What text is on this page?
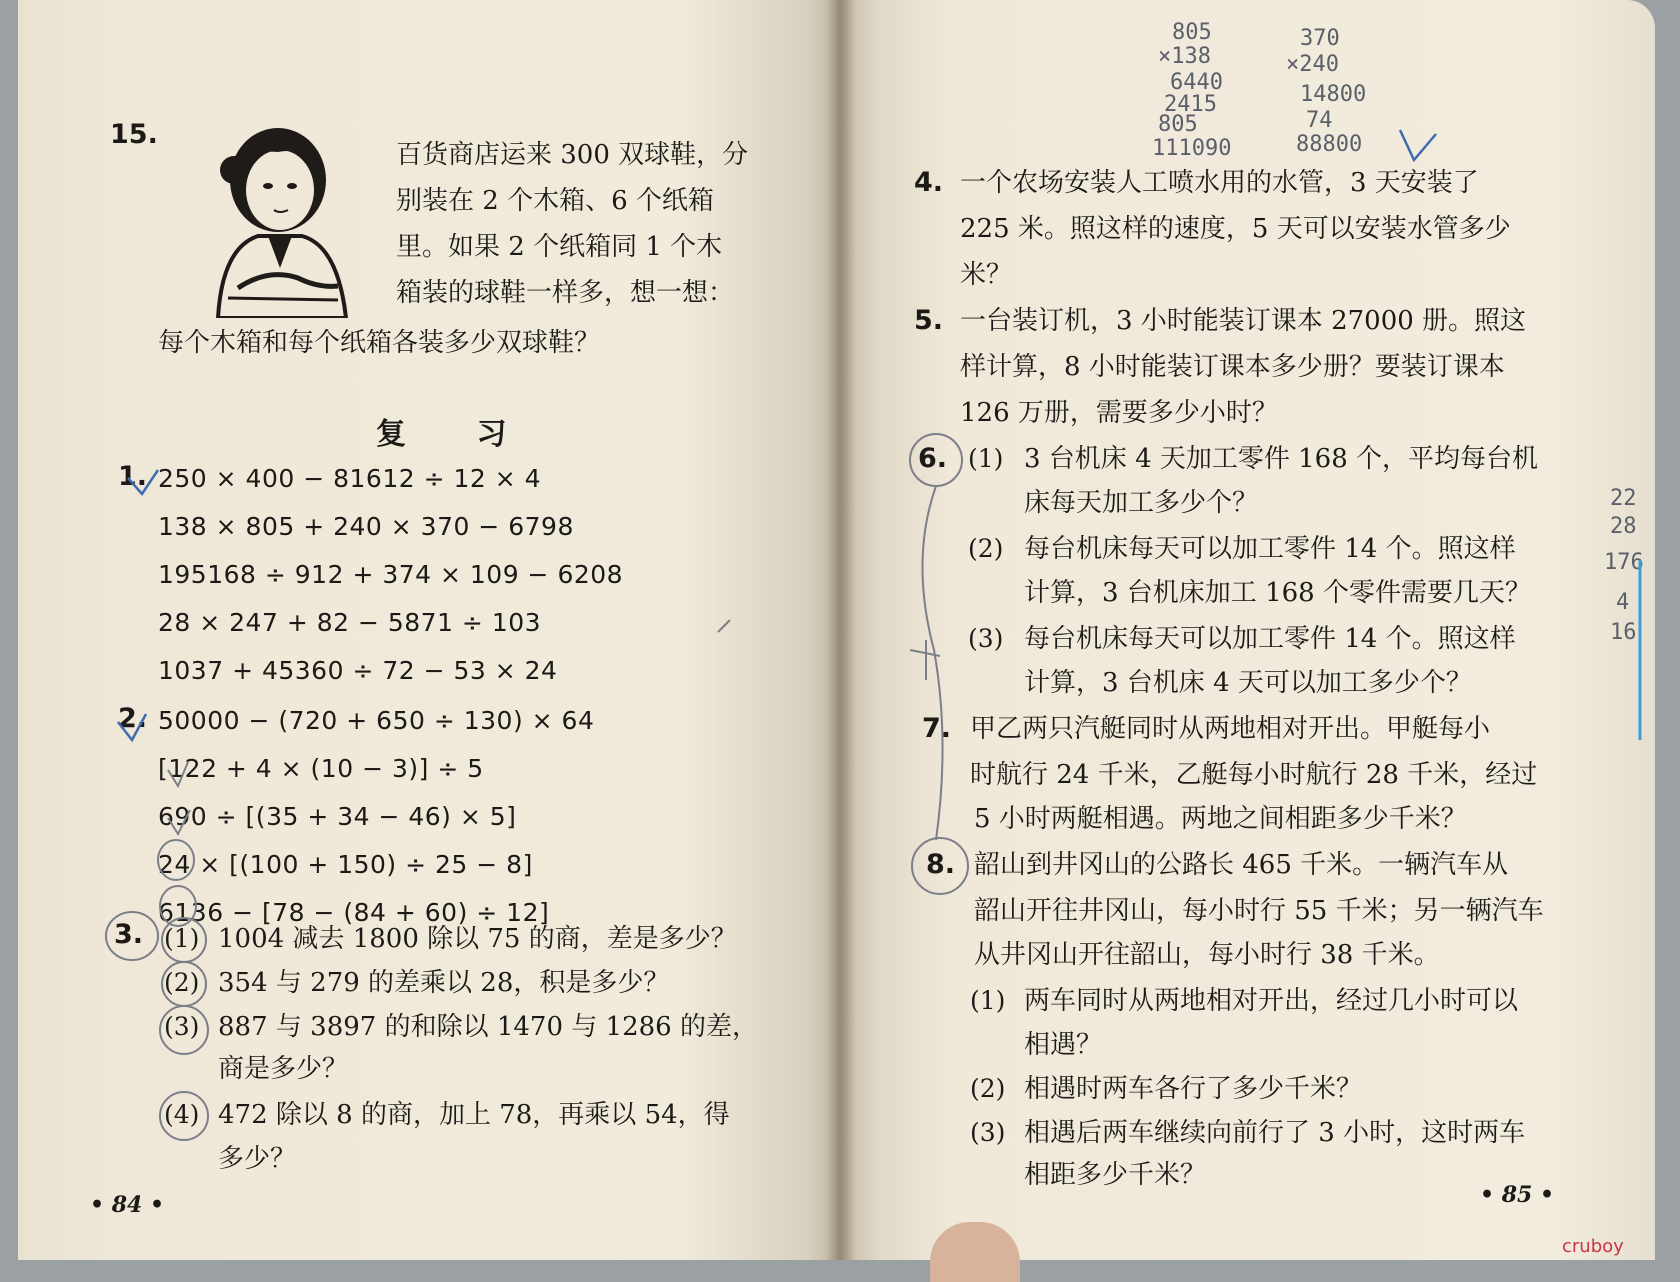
15.
百货商店运来 300 双球鞋，分
别装在 2 个木箱、6 个纸箱
里。如果 2 个纸箱同 1 个木
箱装的球鞋一样多，想一想：
每个木箱和每个纸箱各装多少双球鞋？
复 习
1. 250 × 400 − 81612 ÷ 12 × 4
138 × 805 + 240 × 370 − 6798
195168 ÷ 912 + 374 × 109 − 6208
28 × 247 + 82 − 5871 ÷ 103
1037 + 45360 ÷ 72 − 53 × 24
2. 50000 − (720 + 650 ÷ 130) × 64
[122 + 4 × (10 − 3)] ÷ 5
690 ÷ [(35 + 34 − 46) × 5]
24 × [(100 + 150) ÷ 25 − 8]
6136 − [78 − (84 + 60) ÷ 12]
3. (1) 1004 减去 1800 除以 75 的商，差是多少？
(2) 354 与 279 的差乘以 28，积是多少？
(3) 887 与 3897 的和除以 1470 与 1286 的差，
商是多少？
(4) 472 除以 8 的商，加上 78，再乘以 54，得
多少？
• 84 •
805
×138
6440
2415
805
111090
370
×240
14800
74
88800
22
28
176
4
16
4. 一个农场安装人工喷水用的水管，3 天安装了
225 米。照这样的速度，5 天可以安装水管多少
米？
5. 一台装订机，3 小时能装订课本 27000 册。照这
样计算，8 小时能装订课本多少册？要装订课本
126 万册，需要多少小时？
6. (1) 3 台机床 4 天加工零件 168 个，平均每台机
床每天加工多少个？
(2) 每台机床每天可以加工零件 14 个。照这样
计算，3 台机床加工 168 个零件需要几天？
(3) 每台机床每天可以加工零件 14 个。照这样
计算，3 台机床 4 天可以加工多少个？
7. 甲乙两只汽艇同时从两地相对开出。甲艇每小
时航行 24 千米，乙艇每小时航行 28 千米，经过
5 小时两艇相遇。两地之间相距多少千米？
8. 韶山到井冈山的公路长 465 千米。一辆汽车从
韶山开往井冈山，每小时行 55 千米；另一辆汽车
从井冈山开往韶山，每小时行 38 千米。
(1) 两车同时从两地相对开出，经过几小时可以
相遇？
(2) 相遇时两车各行了多少千米？
(3) 相遇后两车继续向前行了 3 小时，这时两车
相距多少千米？
• 85 •
cruboy
